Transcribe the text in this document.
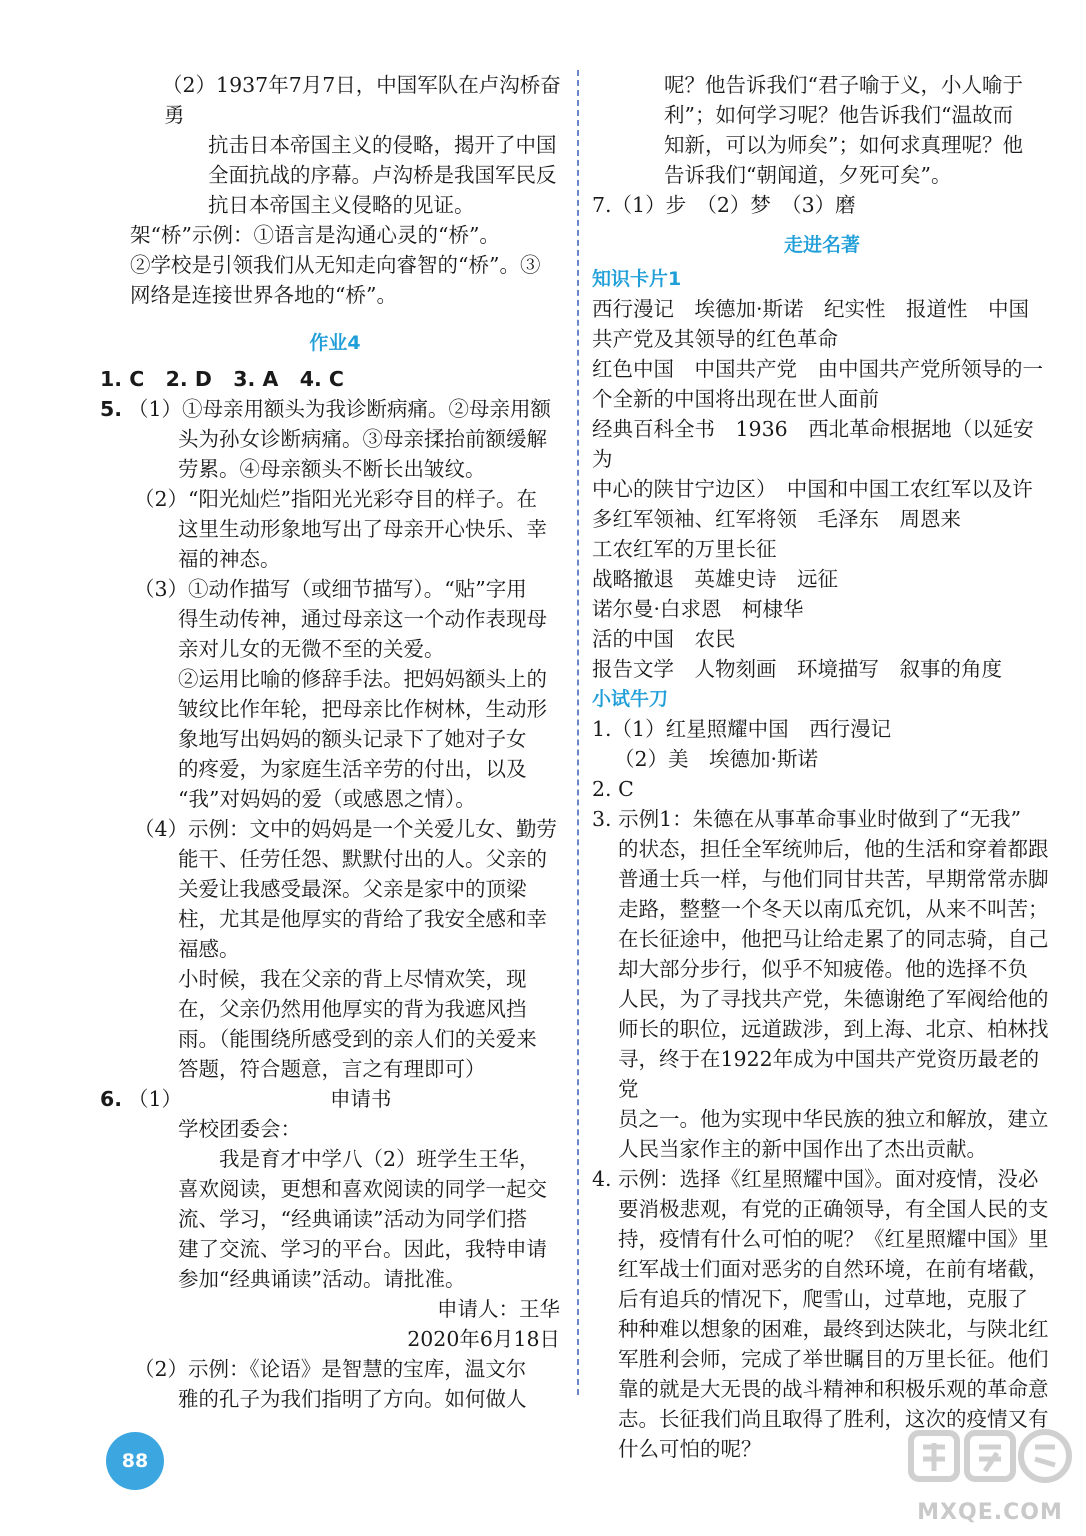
（2）1937年7月7日，中国军队在卢沟桥奋勇

抗击日本帝国主义的侵略，揭开了中国

全面抗战的序幕。卢沟桥是我国军民反

抗日本帝国主义侵略的见证。

架“桥”示例：①语言是沟通心灵的“桥”。

②学校是引领我们从无知走向睿智的“桥”。③

网络是连接世界各地的“桥”。

作业4

1. C   2. D   3. A   4. C

5. （1）①母亲用额头为我诊断病痛。②母亲用额

头为孙女诊断病痛。③母亲揉抬前额缓解

劳累。④母亲额头不断长出皱纹。

（2）“阳光灿烂”指阳光光彩夺目的样子。在

这里生动形象地写出了母亲开心快乐、幸

福的神态。

（3）①动作描写（或细节描写）。“贴”字用

得生动传神，通过母亲这一个动作表现母

亲对儿女的无微不至的关爱。

②运用比喻的修辞手法。把妈妈额头上的

皱纹比作年轮，把母亲比作树林，生动形

象地写出妈妈的额头记录下了她对子女

的疼爱，为家庭生活辛劳的付出，以及

“我”对妈妈的爱（或感恩之情）。

（4）示例：文中的妈妈是一个关爱儿女、勤劳

能干、任劳任怨、默默付出的人。父亲的

关爱让我感受最深。父亲是家中的顶梁

柱，尤其是他厚实的背给了我安全感和幸

福感。

小时候，我在父亲的背上尽情欢笑，现

在，父亲仍然用他厚实的背为我遮风挡

雨。（能围绕所感受到的亲人们的关爱来

答题，符合题意，言之有理即可）

6. （1）	申请书

学校团委会：

　　我是育才中学八（2）班学生王华，

喜欢阅读，更想和喜欢阅读的同学一起交

流、学习，“经典诵读”活动为同学们搭

建了交流、学习的平台。因此，我特申请

参加“经典诵读”活动。请批准。

申请人：王华

2020年6月18日

（2）示例：《论语》是智慧的宝库，温文尔

雅的孔子为我们指明了方向。如何做人

呢？他告诉我们“君子喻于义，小人喻于

利”；如何学习呢？他告诉我们“温故而

知新，可以为师矣”；如何求真理呢？他

告诉我们“朝闻道，夕死可矣”。

7.（1）步　（2）梦　（3）磨

走进名著

知识卡片1

西行漫记　埃德加·斯诺　纪实性　报道性　中国

共产党及其领导的红色革命

红色中国　中国共产党　由中国共产党所领导的一

个全新的中国将出现在世人面前

经典百科全书　1936　西北革命根据地（以延安为

中心的陕甘宁边区）　中国和中国工农红军以及许

多红军领袖、红军将领　毛泽东　周恩来

工农红军的万里长征

战略撤退　英雄史诗　远征

诺尔曼·白求恩　柯棣华

活的中国　农民

报告文学　人物刻画　环境描写　叙事的角度

小试牛刀

1.（1）红星照耀中国　西行漫记

（2）美　埃德加·斯诺

2. C

3. 示例1：朱德在从事革命事业时做到了“无我”

的状态，担任全军统帅后，他的生活和穿着都跟

普通士兵一样，与他们同甘共苦，早期常常赤脚

走路，整整一个冬天以南瓜充饥，从来不叫苦；

在长征途中，他把马让给走累了的同志骑，自己

却大部分步行，似乎不知疲倦。他的选择不负

人民，为了寻找共产党，朱德谢绝了军阀给他的

师长的职位，远道跋涉，到上海、北京、柏林找

寻，终于在1922年成为中国共产党资历最老的党

员之一。他为实现中华民族的独立和解放，建立

人民当家作主的新中国作出了杰出贡献。

4. 示例：选择《红星照耀中国》。面对疫情，没必

要消极悲观，有党的正确领导，有全国人民的支

持，疫情有什么可怕的呢？《红星照耀中国》里

红军战士们面对恶劣的自然环境，在前有堵截，

后有追兵的情况下，爬雪山，过草地，克服了

种种难以想象的困难，最终到达陕北，与陕北红

军胜利会师，完成了举世瞩目的万里长征。他们

靠的就是大无畏的战斗精神和积极乐观的革命意

志。长征我们尚且取得了胜利，这次的疫情又有

什么可怕的呢？

88
MXQE.COM
